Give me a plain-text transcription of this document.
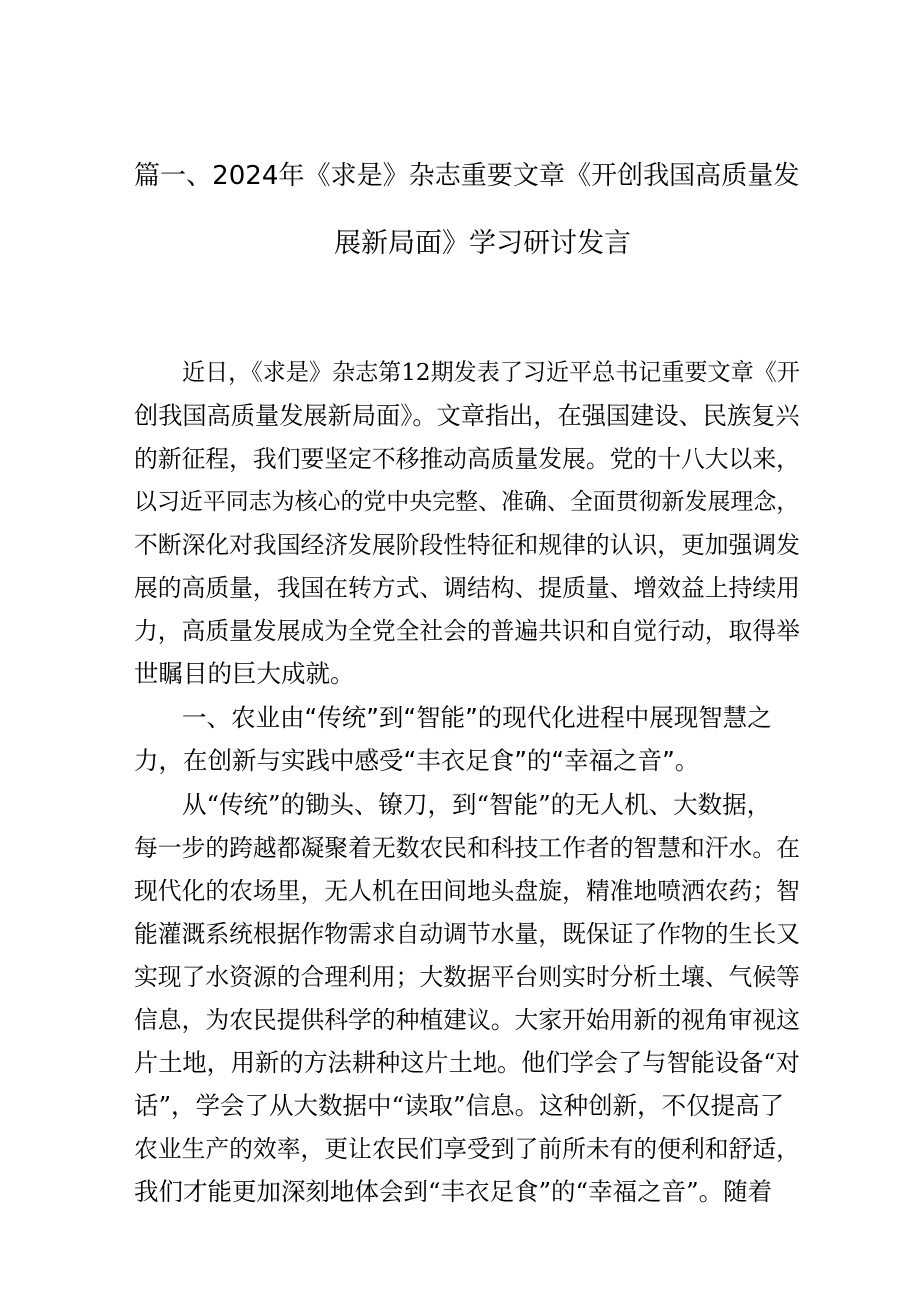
篇一、2024年《求是》杂志重要文章《开创我国高质量发
展新局面》学习研讨发言
近日，《求是》杂志第12期发表了习近平总书记重要文章《开
创我国高质量发展新局面》。文章指出，在强国建设、民族复兴
的新征程，我们要坚定不移推动高质量发展。党的十八大以来，
以习近平同志为核心的党中央完整、准确、全面贯彻新发展理念，
不断深化对我国经济发展阶段性特征和规律的认识，更加强调发
展的高质量，我国在转方式、调结构、提质量、增效益上持续用
力，高质量发展成为全党全社会的普遍共识和自觉行动，取得举
世瞩目的巨大成就。
一、农业由“传统”到“智能”的现代化进程中展现智慧之
力，在创新与实践中感受“丰衣足食”的“幸福之音”。
从“传统”的锄头、镣刀，到“智能”的无人机、大数据，
每一步的跨越都凝聚着无数农民和科技工作者的智慧和汗水。在
现代化的农场里，无人机在田间地头盘旋，精准地喷洒农药；智
能灌溉系统根据作物需求自动调节水量，既保证了作物的生长又
实现了水资源的合理利用；大数据平台则实时分析土壤、气候等
信息，为农民提供科学的种植建议。大家开始用新的视角审视这
片土地，用新的方法耕种这片土地。他们学会了与智能设备“对
话”，学会了从大数据中“读取”信息。这种创新，不仅提高了
农业生产的效率，更让农民们享受到了前所未有的便利和舒适，
我们才能更加深刻地体会到“丰衣足食”的“幸福之音”。随着
